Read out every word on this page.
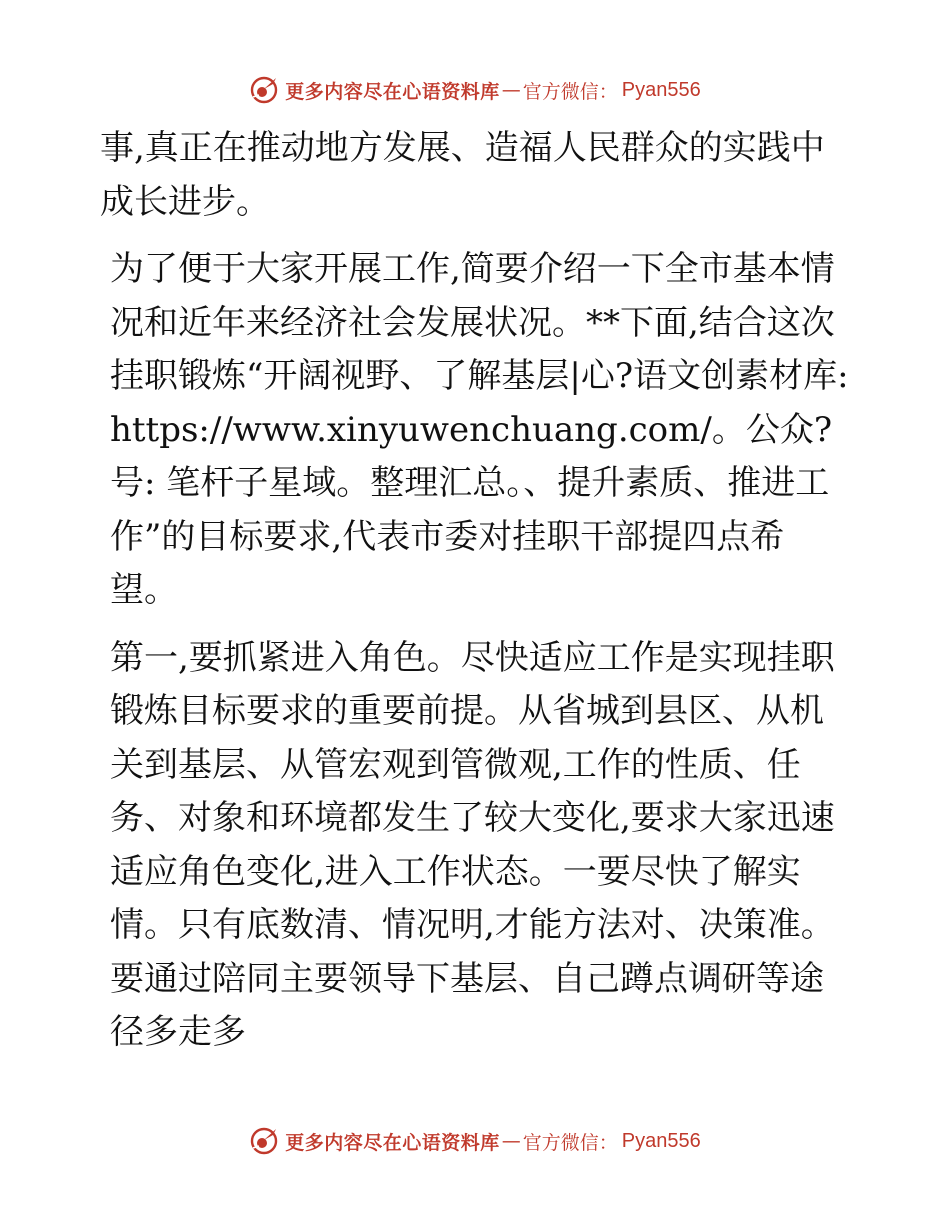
更多内容尽在心语资料库 — 官方微信： Pyan556

事,真正在推动地方发展、造福人民群众的实践中成长进步。

为了便于大家开展工作,简要介绍一下全市基本情况和近年来经济社会发展状况。**下面,结合这次挂职锻炼“开阔视野、了解基层|心?语文创素材库: https://www.xinyuwenchuang.com/。公众?号: 笔杆子星域。整理汇总。、提升素质、推进工作”的目标要求,代表市委对挂职干部提四点希望。

第一,要抓紧进入角色。尽快适应工作是实现挂职锻炼目标要求的重要前提。从省城到县区、从机关到基层、从管宏观到管微观,工作的性质、任务、对象和环境都发生了较大变化,要求大家迅速适应角色变化,进入工作状态。一要尽快了解实情。只有底数清、情况明,才能方法对、决策准。要通过陪同主要领导下基层、自己蹲点调研等途径多走多

更多内容尽在心语资料库 — 官方微信： Pyan556
